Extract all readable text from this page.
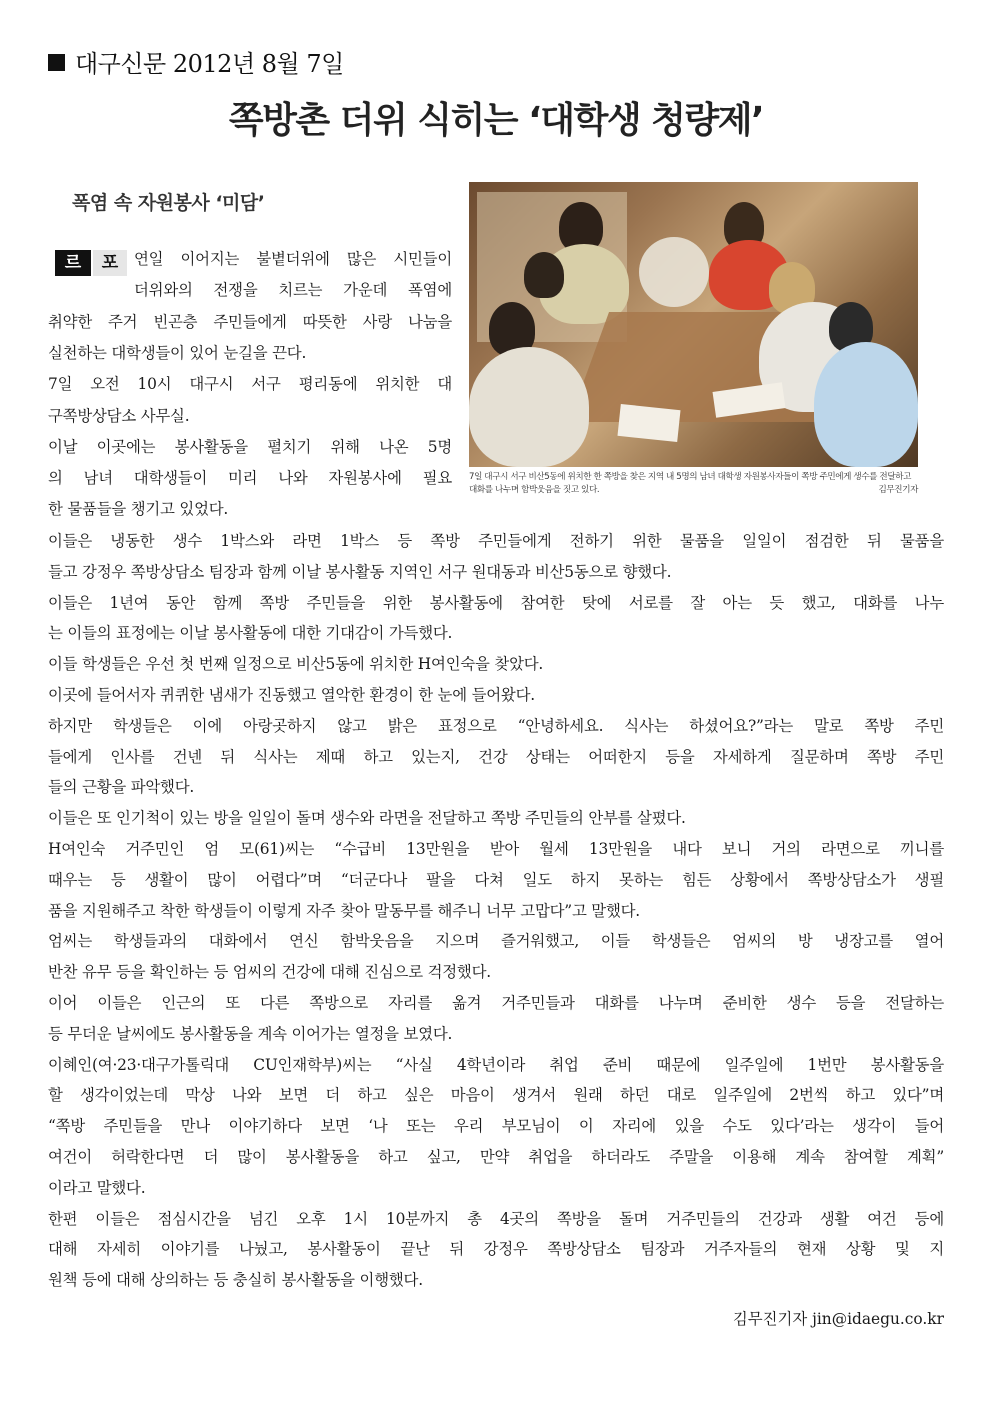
대구신문 2012년 8월 7일
쪽방촌 더위 식히는 ‘대학생 청량제’
폭염 속 자원봉사 ‘미담’
르	포
7일 대구시 서구 비산5동에 위치한 한 쪽방을 찾은 지역 내 5명의 남녀 대학생 자원봉사자들이 쪽방 주민에게 생수를 전달하고 대화를 나누며 함박웃음을 짓고 있다.	김무진기자
연일 이어지는 불볕더위에 많은 시민들이
더위와의 전쟁을 치르는 가운데 폭염에
취약한 주거 빈곤층 주민들에게 따뜻한 사랑 나눔을
실천하는 대학생들이 있어 눈길을 끈다.
7일 오전 10시 대구시 서구 평리동에 위치한 대
구쪽방상담소 사무실.
이날 이곳에는 봉사활동을 펼치기 위해 나온 5명
의 남녀 대학생들이 미리 나와 자원봉사에 필요
한 물품들을 챙기고 있었다.
이들은 냉동한 생수 1박스와 라면 1박스 등 쪽방 주민들에게 전하기 위한 물품을 일일이 점검한 뒤 물품을
들고 강정우 쪽방상담소 팀장과 함께 이날 봉사활동 지역인 서구 원대동과 비산5동으로 향했다.
이들은 1년여 동안 함께 쪽방 주민들을 위한 봉사활동에 참여한 탓에 서로를 잘 아는 듯 했고, 대화를 나누
는 이들의 표정에는 이날 봉사활동에 대한 기대감이 가득했다.
이들 학생들은 우선 첫 번째 일정으로 비산5동에 위치한 H여인숙을 찾았다.
이곳에 들어서자 퀴퀴한 냄새가 진동했고 열악한 환경이 한 눈에 들어왔다.
하지만 학생들은 이에 아랑곳하지 않고 밝은 표정으로 “안녕하세요. 식사는 하셨어요?”라는 말로 쪽방 주민
들에게 인사를 건넨 뒤 식사는 제때 하고 있는지, 건강 상태는 어떠한지 등을 자세하게 질문하며 쪽방 주민
들의 근황을 파악했다.
이들은 또 인기척이 있는 방을 일일이 돌며 생수와 라면을 전달하고 쪽방 주민들의 안부를 살폈다.
H여인숙 거주민인 엄 모(61)씨는 “수급비 13만원을 받아 월세 13만원을 내다 보니 거의 라면으로 끼니를
때우는 등 생활이 많이 어렵다”며 “더군다나 팔을 다쳐 일도 하지 못하는 힘든 상황에서 쪽방상담소가 생필
품을 지원해주고 착한 학생들이 이렇게 자주 찾아 말동무를 해주니 너무 고맙다”고 말했다.
엄씨는 학생들과의 대화에서 연신 함박웃음을 지으며 즐거워했고, 이들 학생들은 엄씨의 방 냉장고를 열어
반찬 유무 등을 확인하는 등 엄씨의 건강에 대해 진심으로 걱정했다.
이어 이들은 인근의 또 다른 쪽방으로 자리를 옮겨 거주민들과 대화를 나누며 준비한 생수 등을 전달하는
등 무더운 날씨에도 봉사활동을 계속 이어가는 열정을 보였다.
이혜인(여·23·대구가톨릭대 CU인재학부)씨는 “사실 4학년이라 취업 준비 때문에 일주일에 1번만 봉사활동을
할 생각이었는데 막상 나와 보면 더 하고 싶은 마음이 생겨서 원래 하던 대로 일주일에 2번씩 하고 있다”며
“쪽방 주민들을 만나 이야기하다 보면 ‘나 또는 우리 부모님이 이 자리에 있을 수도 있다’라는 생각이 들어
여건이 허락한다면 더 많이 봉사활동을 하고 싶고, 만약 취업을 하더라도 주말을 이용해 계속 참여할 계획”
이라고 말했다.
한편 이들은 점심시간을 넘긴 오후 1시 10분까지 총 4곳의 쪽방을 돌며 거주민들의 건강과 생활 여건 등에
대해 자세히 이야기를 나눴고, 봉사활동이 끝난 뒤 강정우 쪽방상담소 팀장과 거주자들의 현재 상황 및 지
원책 등에 대해 상의하는 등 충실히 봉사활동을 이행했다.
김무진기자 jin@idaegu.co.kr
